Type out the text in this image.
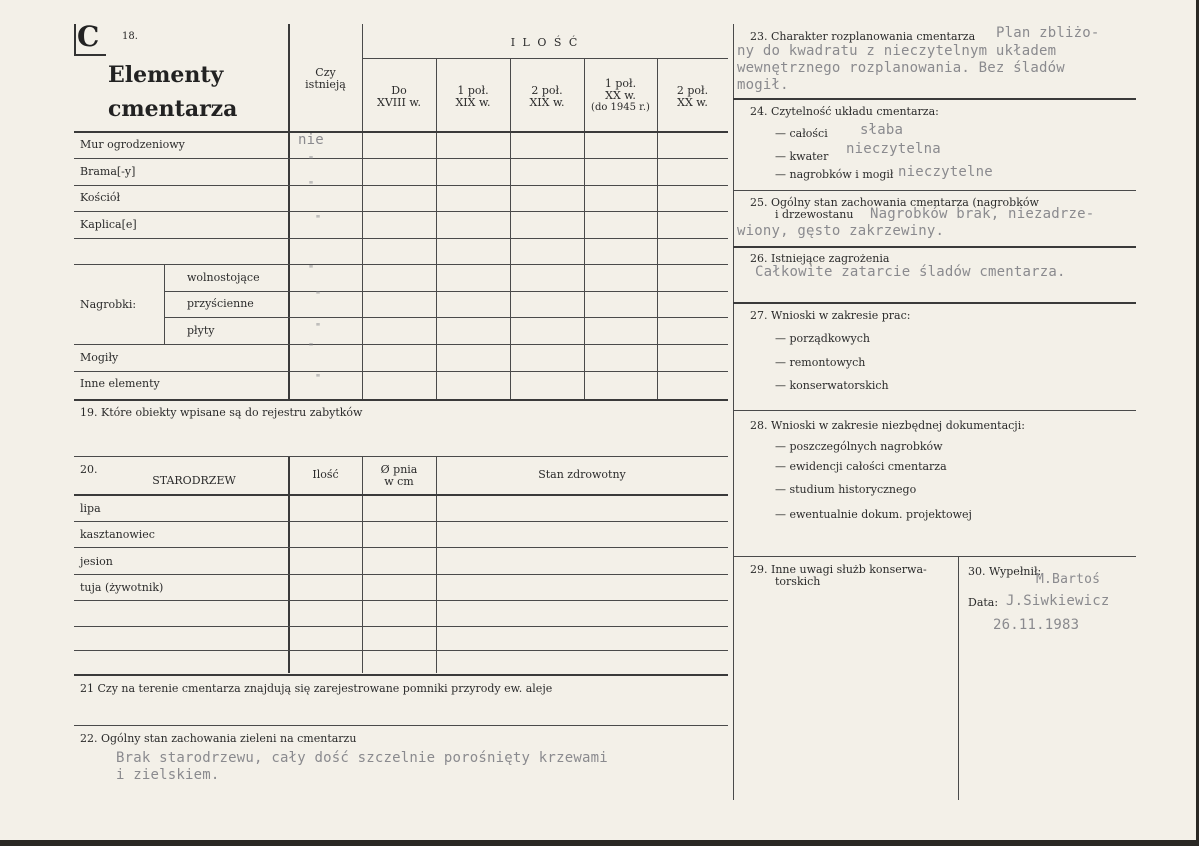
C 18.
Elementy
cmentarza
Czy
istnieją
I L O Ś Ć
Do
XVIII w.
1 poł.
XIX w.
2 poł.
XIX w.
1 poł.
XX w.
(do 1945 r.)
2 poł.
XX w.
Mur ogrodzeniowy
Brama[-y]
Kościół
Kaplica[e]
Nagrobki:
wolnostojące
przyścienne
płyty
Mogiły
Inne elementy
nie
"
"
"
"
"
"
"
"
19. Które obiekty wpisane są do rejestru zabytków
20.
STARODRZEW	Ilość	Ø pnia
w cm
Stan zdrowotny
lipa
kasztanowiec
jesion
tuja (żywotnik)
21 Czy na terenie cmentarza znajdują się zarejestrowane pomniki przyrody ew. aleje
22. Ogólny stan zachowania zieleni na cmentarzu
Brak starodrzewu, cały dość szczelnie porośnięty krzewami
i zielskiem.
23. Charakter rozplanowania cmentarza Plan zbliżo-
ny do kwadratu z nieczytelnym układem
wewnętrznego rozplanowania. Bez śladów
mogił.
24. Czytelność układu cmentarza:
— całości słaba
— kwater nieczytelna
— nagrobków i mogił nieczytelne
25. Ogólny stan zachowania cmentarza (nagrobków
i drzewostanu Nagrobków brak, niezadrze-
wiony, gęsto zakrzewiny.
26. Istniejące zagrożenia
Całkowite zatarcie śladów cmentarza.
27. Wnioski w zakresie prac:
— porządkowych
— remontowych
— konserwatorskich
28. Wnioski w zakresie niezbędnej dokumentacji:
— poszczególnych nagrobków
— ewidencji całości cmentarza
— studium historycznego
— ewentualnie dokum. projektowej
29. Inne uwagi służb konserwa-
torskich
30. Wypełnił:
M.Bartoś
Data: J.Siwkiewicz
26.11.1983
